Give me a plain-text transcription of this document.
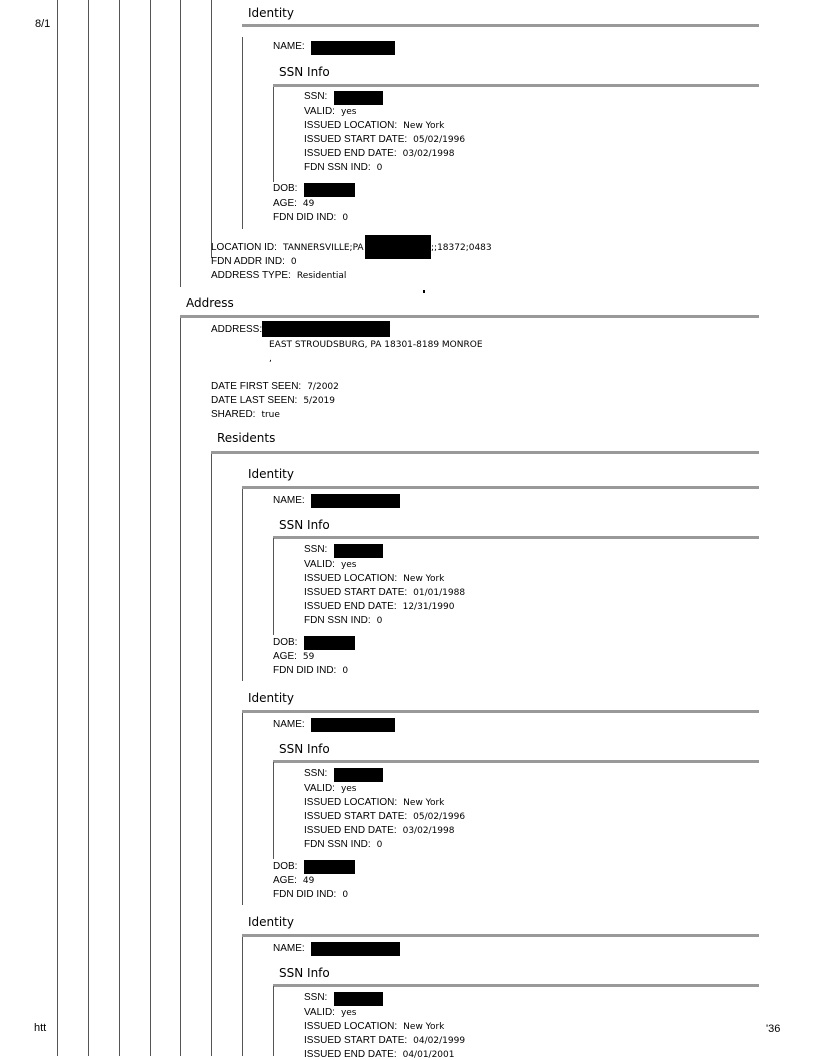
8/1
htt	'36
Identity
NAME:
SSN Info
SSN:
VALID: yes
ISSUED LOCATION: New York
ISSUED START DATE: 05/02/1996
ISSUED END DATE: 03/02/1998
FDN SSN IND: 0
DOB:
AGE: 49
FDN DID IND: 0
LOCATION ID: TANNERSVILLE;PA	;;18372;0483
FDN ADDR IND: 0
ADDRESS TYPE: Residential
Address
ADDRESS:
EAST STROUDSBURG, PA 18301-8189 MONROE
,
DATE FIRST SEEN: 7/2002
DATE LAST SEEN: 5/2019
SHARED: true
Residents
Identity
NAME:
SSN Info
SSN:
VALID: yes
ISSUED LOCATION: New York
ISSUED START DATE: 01/01/1988
ISSUED END DATE: 12/31/1990
FDN SSN IND: 0
DOB:
AGE: 59
FDN DID IND: 0
Identity
NAME:
SSN Info
SSN:
VALID: yes
ISSUED LOCATION: New York
ISSUED START DATE: 05/02/1996
ISSUED END DATE: 03/02/1998
FDN SSN IND: 0
DOB:
AGE: 49
FDN DID IND: 0
Identity
NAME:
SSN Info
SSN:
VALID: yes
ISSUED LOCATION: New York
ISSUED START DATE: 04/02/1999
ISSUED END DATE: 04/01/2001
